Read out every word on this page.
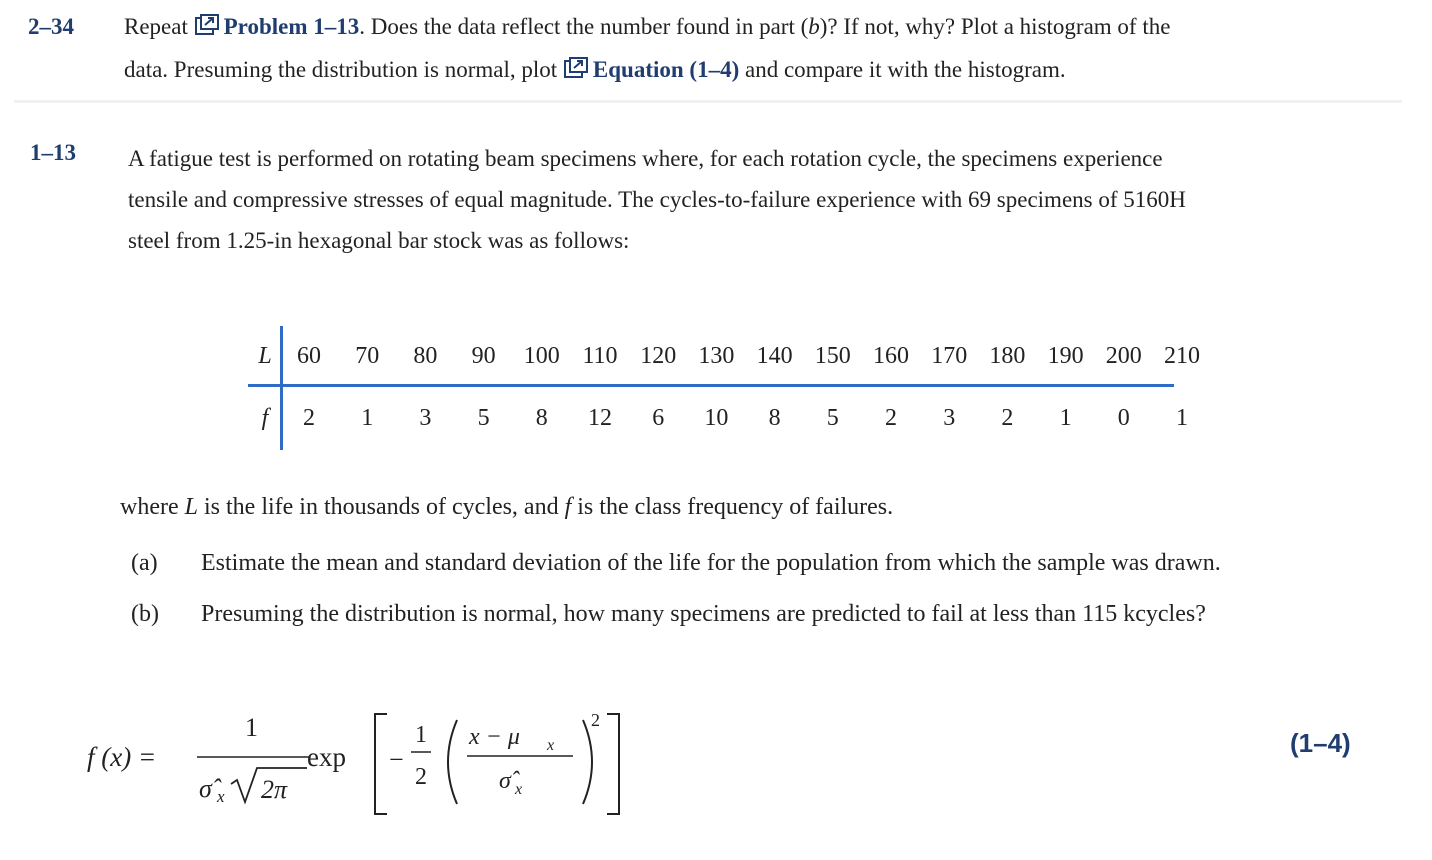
2–34 Repeat Problem 1–13. Does the data reflect the number found in part (b)? If not, why? Plot a histogram of the
data. Presuming the distribution is normal, plot Equation (1–4) and compare it with the histogram.
1–13 A fatigue test is performed on rotating beam specimens where, for each rotation cycle, the specimens experience
tensile and compressive stresses of equal magnitude. The cycles-to-failure experience with 69 specimens of 5160H
steel from 1.25-in hexagonal bar stock was as follows:
L	60	70	80	90	100 110 120 130 140 150 160 170 180 190 200 210
f	2	1	3	5	8	12	6	10	8	5	2	3	2	1	0	1
where L is the life in thousands of cycles, and f is the class frequency of failures.
(a) Estimate the mean and standard deviation of the life for the population from which the sample was drawn.
(b) Presuming the distribution is normal, how many specimens are predicted to fail at less than 115 kcycles?
f (x) =
1
σ̂ x 2π
exp −
1
2
x − μ x
σ̂ x
2
(1–4)
